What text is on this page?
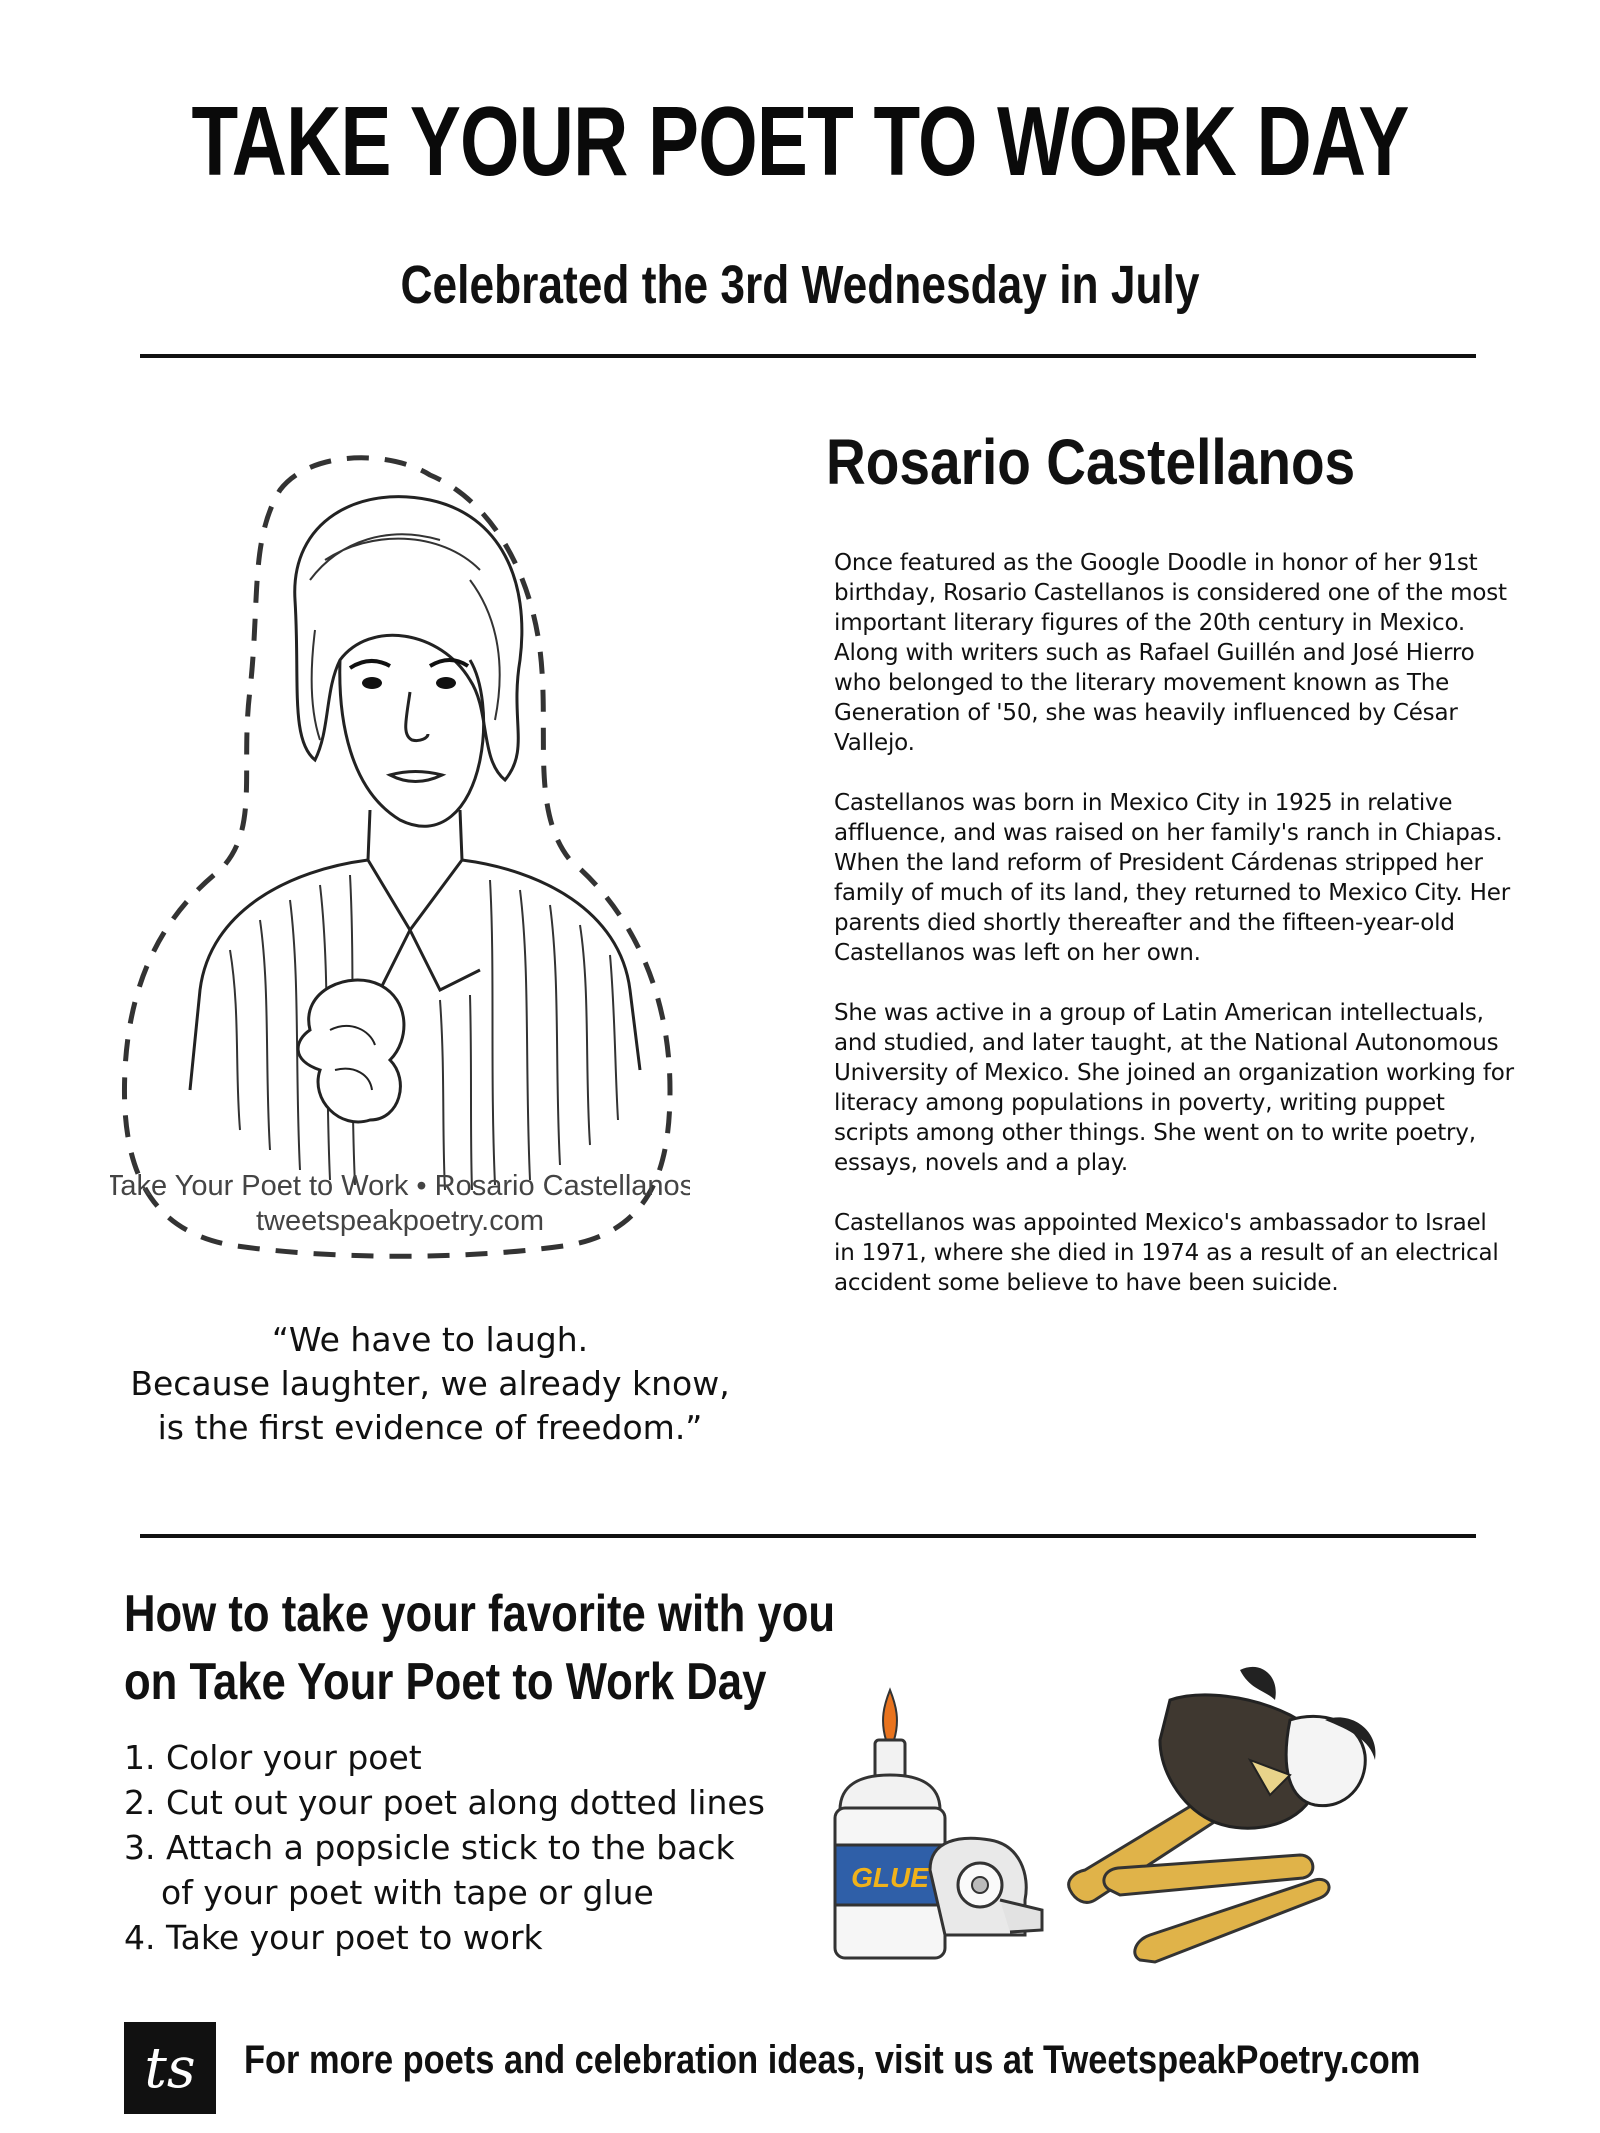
TAKE YOUR POET TO WORK DAY
Celebrated the 3rd Wednesday in July
Take Your Poet to Work • Rosario Castellanos
tweetspeakpoetry.com
Rosario Castellanos

Once featured as the Google Doodle in honor of her 91st birthday, Rosario Castellanos is considered one of the most important literary figures of the 20th century in Mexico. Along with writers such as Rafael Guillén and José Hierro who belonged to the literary movement known as The Generation of '50, she was heavily influenced by César Vallejo.

Castellanos was born in Mexico City in 1925 in relative affluence, and was raised on her family's ranch in Chiapas. When the land reform of President Cárdenas stripped her family of much of its land, they returned to Mexico City. Her parents died shortly thereafter and the fifteen-year-old Castellanos was left on her own.

She was active in a group of Latin American intellectuals, and studied, and later taught, at the National Autonomous University of Mexico. She joined an organization working for literacy among populations in poverty, writing puppet scripts among other things. She went on to write poetry, essays, novels and a play.

Castellanos was appointed Mexico's ambassador to Israel in 1971, where she died in 1974 as a result of an electrical accident some believe to have been suicide.

“We have to laugh.
Because laughter, we already know,
is the first evidence of freedom.”
How to take your favorite with you
on Take Your Poet to Work Day
1. Color your poet
2. Cut out your poet along dotted lines
3. Attach a popsicle stick to the back
of your poet with tape or glue
4. Take your poet to work
GLUE
ts For more poets and celebration ideas, visit us at TweetspeakPoetry.com
